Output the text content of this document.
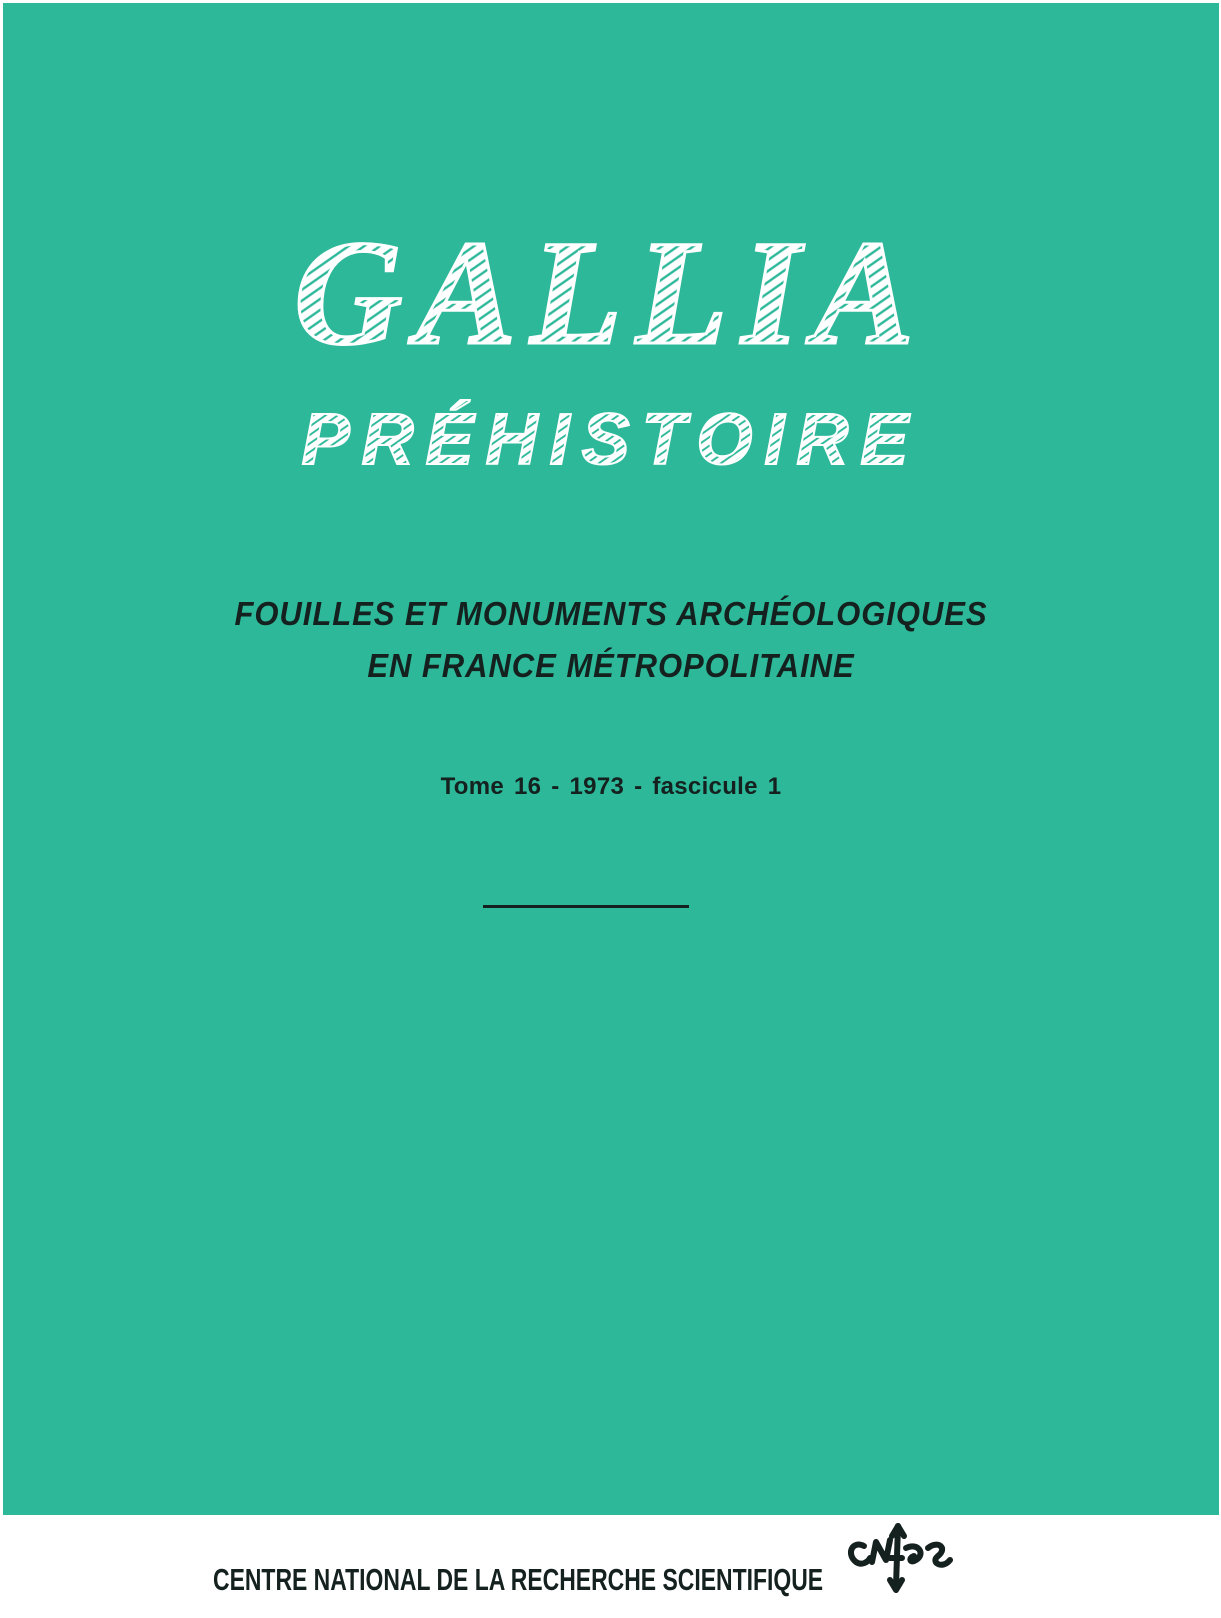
GALLIA
PRÉHISTOIRE
FOUILLES ET MONUMENTS ARCHÉOLOGIQUES
EN FRANCE MÉTROPOLITAINE
Tome 16 - 1973 - fascicule 1
CENTRE NATIONAL DE LA RECHERCHE SCIENTIFIQUE
